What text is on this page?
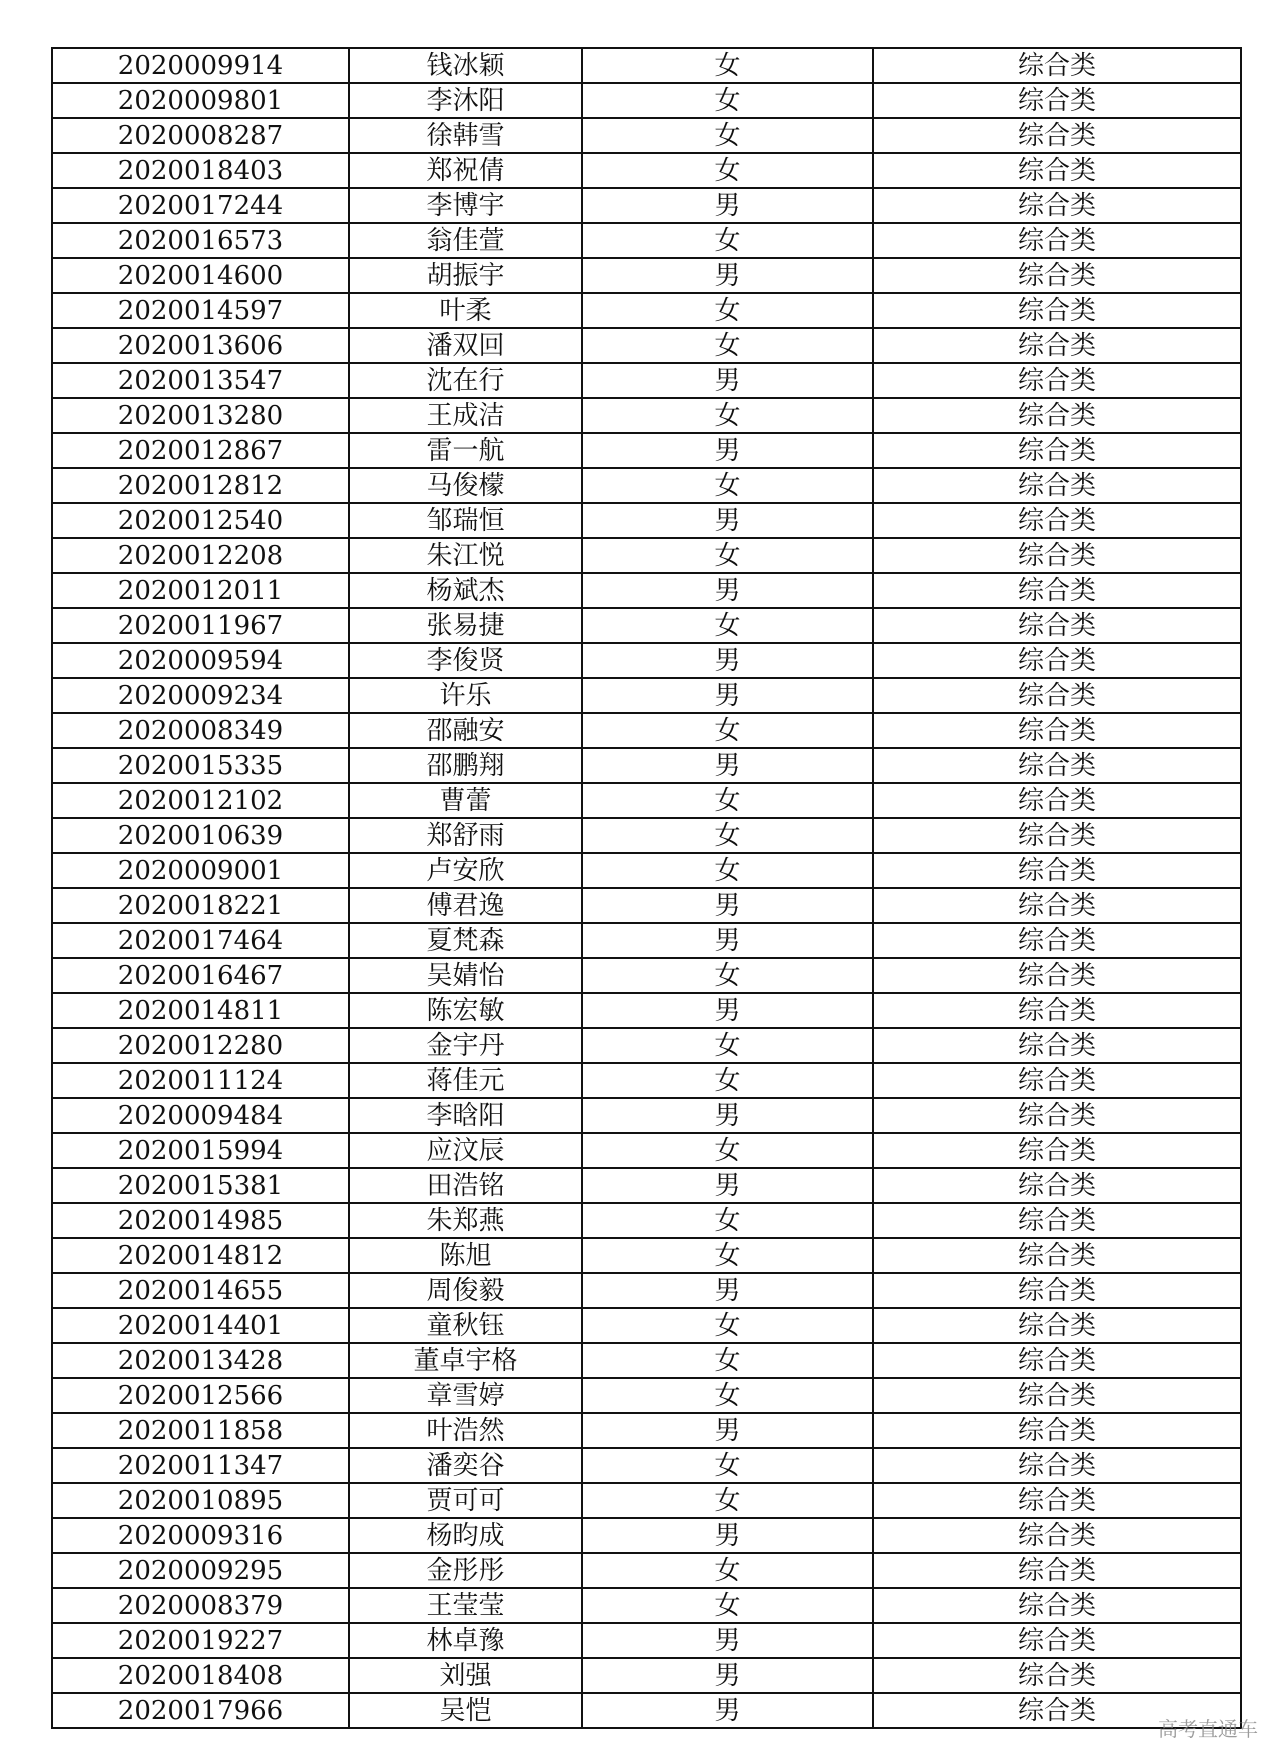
2020009914	钱冰颖	女	综合类
2020009801	李沐阳	女	综合类
2020008287	徐韩雪	女	综合类
2020018403	郑祝倩	女	综合类
2020017244	李博宇	男	综合类
2020016573	翁佳萱	女	综合类
2020014600	胡振宇	男	综合类
2020014597	叶柔	女	综合类
2020013606	潘双回	女	综合类
2020013547	沈在行	男	综合类
2020013280	王成洁	女	综合类
2020012867	雷一航	男	综合类
2020012812	马俊檬	女	综合类
2020012540	邹瑞恒	男	综合类
2020012208	朱江悦	女	综合类
2020012011	杨斌杰	男	综合类
2020011967	张易捷	女	综合类
2020009594	李俊贤	男	综合类
2020009234	许乐	男	综合类
2020008349	邵融安	女	综合类
2020015335	邵鹏翔	男	综合类
2020012102	曹蕾	女	综合类
2020010639	郑舒雨	女	综合类
2020009001	卢安欣	女	综合类
2020018221	傅君逸	男	综合类
2020017464	夏梵森	男	综合类
2020016467	吴婧怡	女	综合类
2020014811	陈宏敏	男	综合类
2020012280	金宇丹	女	综合类
2020011124	蒋佳元	女	综合类
2020009484	李晗阳	男	综合类
2020015994	应汶辰	女	综合类
2020015381	田浩铭	男	综合类
2020014985	朱郑燕	女	综合类
2020014812	陈旭	女	综合类
2020014655	周俊毅	男	综合类
2020014401	童秋钰	女	综合类
2020013428	董卓宇格	女	综合类
2020012566	章雪婷	女	综合类
2020011858	叶浩然	男	综合类
2020011347	潘奕谷	女	综合类
2020010895	贾可可	女	综合类
2020009316	杨昀成	男	综合类
2020009295	金彤彤	女	综合类
2020008379	王莹莹	女	综合类
2020019227	林卓豫	男	综合类
2020018408	刘强	男	综合类
2020017966	吴恺	男	综合类
高考直通车
